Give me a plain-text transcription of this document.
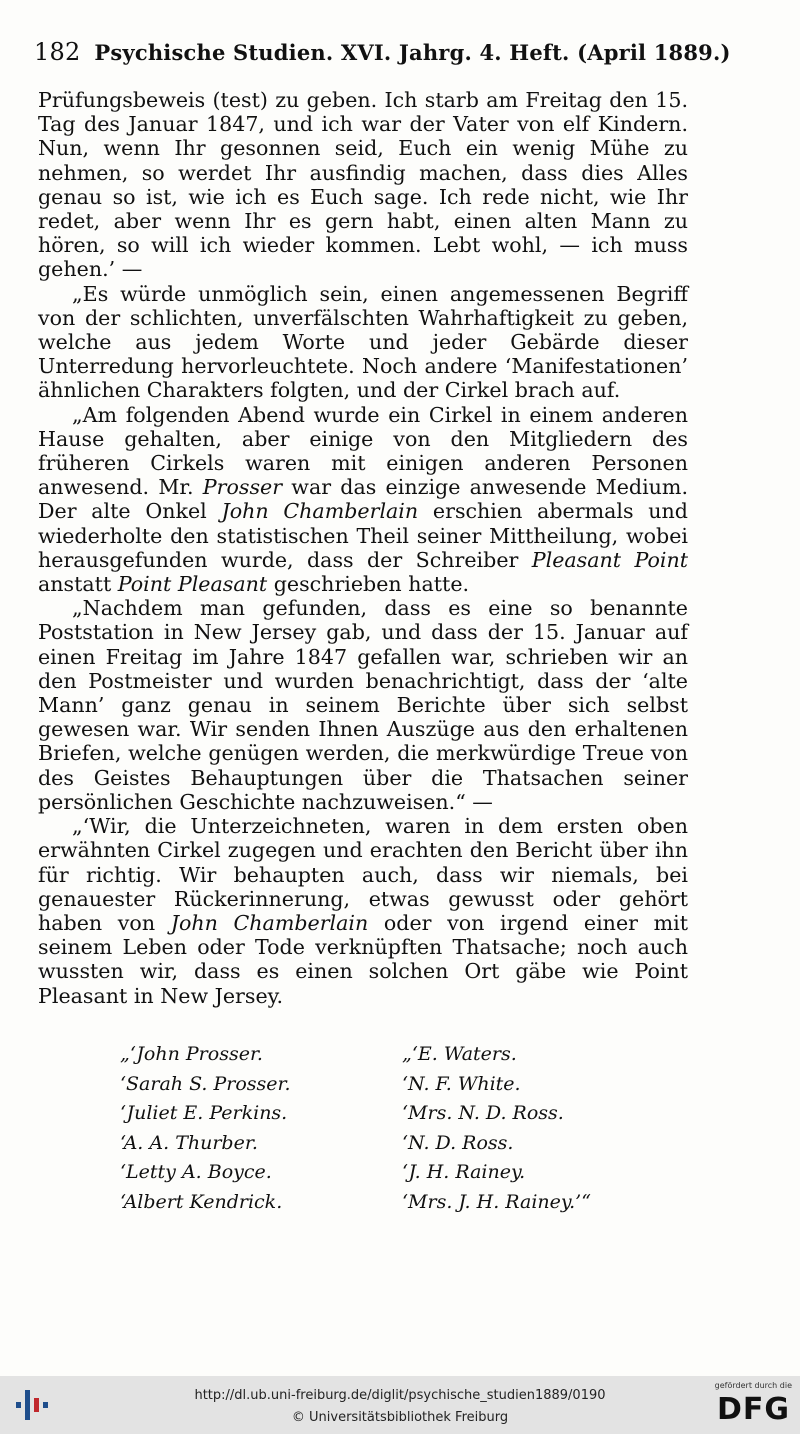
182 Psychische Studien. XVI. Jahrg. 4. Heft. (April 1889.)

Prüfungsbeweis (test) zu geben. Ich starb am Freitag den 15. Tag des Januar 1847, und ich war der Vater von elf Kindern. Nun, wenn Ihr gesonnen seid, Euch ein wenig Mühe zu nehmen, so werdet Ihr ausfindig machen, dass dies Alles genau so ist, wie ich es Euch sage. Ich rede nicht, wie Ihr redet, aber wenn Ihr es gern habt, einen alten Mann zu hören, so will ich wieder kommen. Lebt wohl, — ich muss gehen.’ —

„Es würde unmöglich sein, einen angemessenen Begriff von der schlichten, unverfälschten Wahrhaftigkeit zu geben, welche aus jedem Worte und jeder Gebärde dieser Unterredung hervorleuchtete. Noch andere ‘Manifestationen’ ähnlichen Charakters folgten, und der Cirkel brach auf.

„Am folgenden Abend wurde ein Cirkel in einem anderen Hause gehalten, aber einige von den Mitgliedern des früheren Cirkels waren mit einigen anderen Personen anwesend. Mr. Prosser war das einzige anwesende Medium. Der alte Onkel John Chamberlain erschien abermals und wiederholte den statistischen Theil seiner Mittheilung, wobei herausgefunden wurde, dass der Schreiber Pleasant Point anstatt Point Pleasant geschrieben hatte.

„Nachdem man gefunden, dass es eine so benannte Poststation in New Jersey gab, und dass der 15. Januar auf einen Freitag im Jahre 1847 gefallen war, schrieben wir an den Postmeister und wurden benachrichtigt, dass der ‘alte Mann’ ganz genau in seinem Berichte über sich selbst gewesen war. Wir senden Ihnen Auszüge aus den erhaltenen Briefen, welche genügen werden, die merkwürdige Treue von des Geistes Behauptungen über die Thatsachen seiner persönlichen Geschichte nachzuweisen.“ —

„‘Wir, die Unterzeichneten, waren in dem ersten oben erwähnten Cirkel zugegen und erachten den Bericht über ihn für richtig. Wir behaupten auch, dass wir niemals, bei genauester Rückerinnerung, etwas gewusst oder gehört haben von John Chamberlain oder von irgend einer mit seinem Leben oder Tode verknüpften Thatsache; noch auch wussten wir, dass es einen solchen Ort gäbe wie Point Pleasant in New Jersey.

„‘John Prosser.	„‘E. Waters.
‘Sarah S. Prosser.	‘N. F. White.
‘Juliet E. Perkins.	‘Mrs. N. D. Ross.
‘A. A. Thurber.	‘N. D. Ross.
‘Letty A. Boyce.	‘J. H. Rainey.
‘Albert Kendrick.	‘Mrs. J. H. Rainey.’“
http://dl.ub.uni-freiburg.de/diglit/psychische_studien1889/0190
© Universitätsbibliothek Freiburg
gefördert durch die
DFG
